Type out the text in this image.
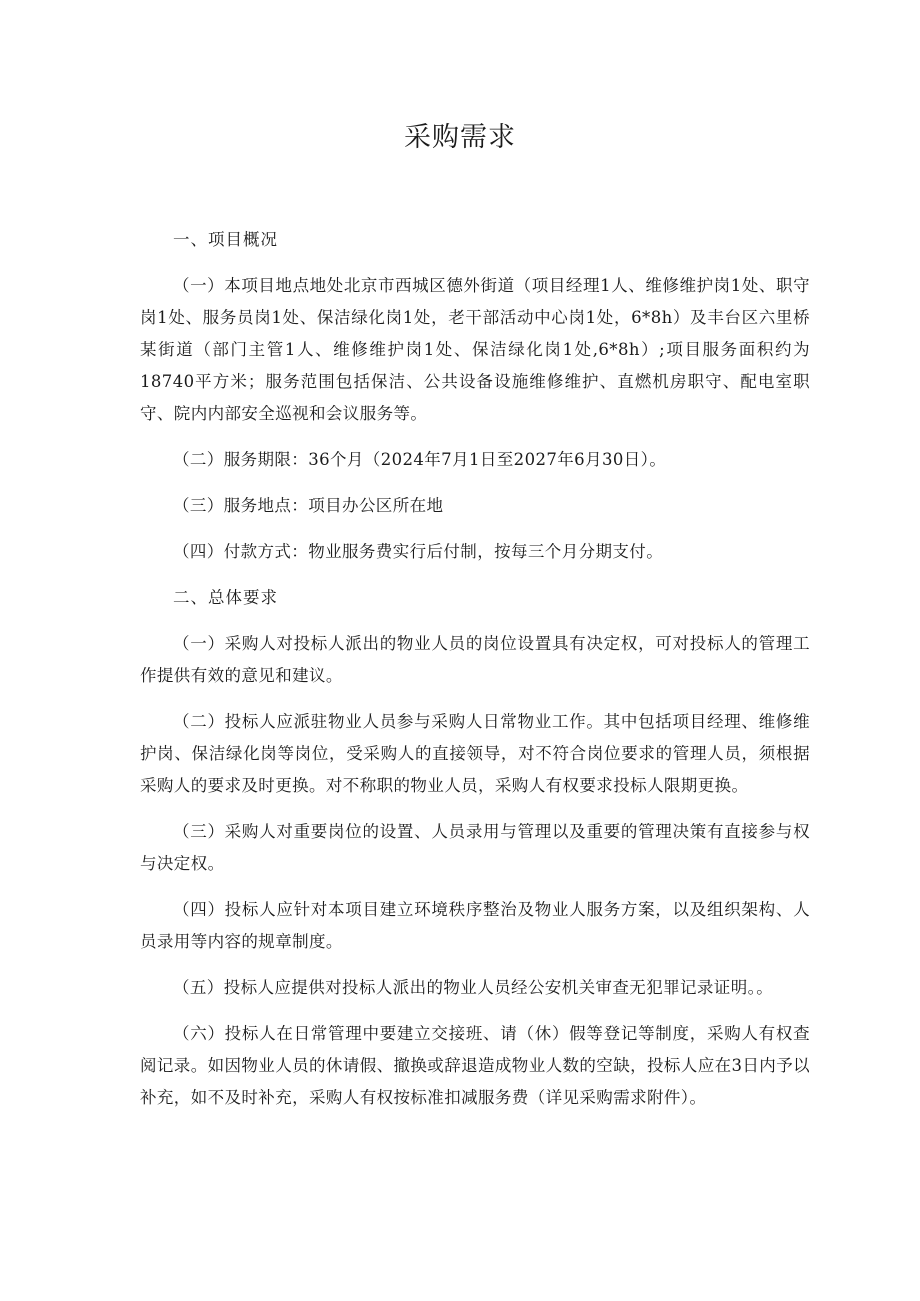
采购需求
一、项目概况
（一）本项目地点地处北京市西城区德外街道（项目经理1人、维修维护岗1处、职守岗1处、服务员岗1处、保洁绿化岗1处，老干部活动中心岗1处，6*8h）及丰台区六里桥某街道（部门主管1人、维修维护岗1处、保洁绿化岗1处,6*8h）;项目服务面积约为18740平方米；服务范围包括保洁、公共设备设施维修维护、直燃机房职守、配电室职守、院内内部安全巡视和会议服务等。
（二）服务期限：36个月（2024年7月1日至2027年6月30日）。
（三）服务地点：项目办公区所在地
（四）付款方式：物业服务费实行后付制，按每三个月分期支付。
二、总体要求
（一）采购人对投标人派出的物业人员的岗位设置具有决定权，可对投标人的管理工作提供有效的意见和建议。
（二）投标人应派驻物业人员参与采购人日常物业工作。其中包括项目经理、维修维护岗、保洁绿化岗等岗位，受采购人的直接领导，对不符合岗位要求的管理人员，须根据采购人的要求及时更换。对不称职的物业人员，采购人有权要求投标人限期更换。
（三）采购人对重要岗位的设置、人员录用与管理以及重要的管理决策有直接参与权与决定权。
（四）投标人应针对本项目建立环境秩序整治及物业人服务方案，以及组织架构、人员录用等内容的规章制度。
（五）投标人应提供对投标人派出的物业人员经公安机关审查无犯罪记录证明。。
（六）投标人在日常管理中要建立交接班、请（休）假等登记等制度，采购人有权查阅记录。如因物业人员的休请假、撤换或辞退造成物业人数的空缺，投标人应在3日内予以补充，如不及时补充，采购人有权按标准扣减服务费（详见采购需求附件）。
